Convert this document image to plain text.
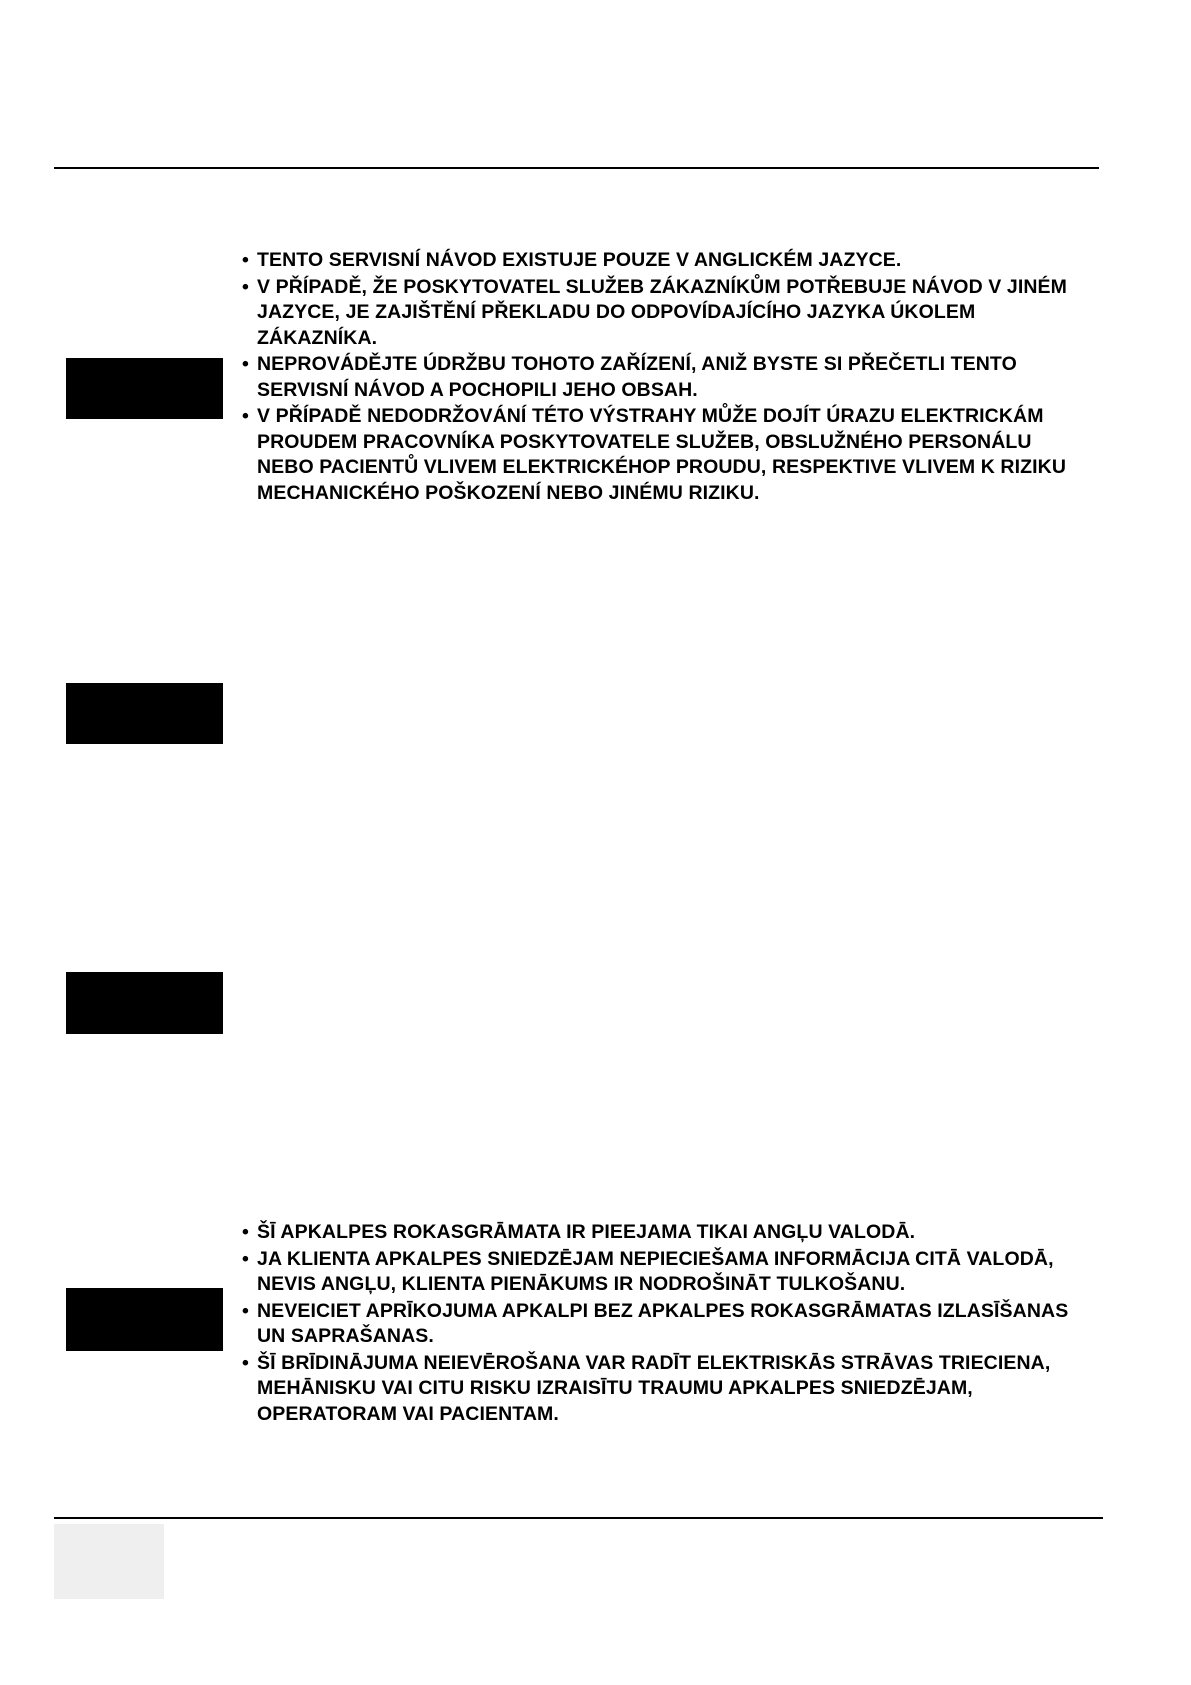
• TENTO SERVISNÍ NÁVOD EXISTUJE POUZE V ANGLICKÉM JAZYCE.
• V PŘÍPADĚ, ŽE POSKYTOVATEL SLUŽEB ZÁKAZNÍKŮM POTŘEBUJE NÁVOD V JINÉM JAZYCE, JE ZAJIŠTĚNÍ PŘEKLADU DO ODPOVÍDAJÍCÍHO JAZYKA ÚKOLEM ZÁKAZNÍKA.
• NEPROVÁDĚJTE ÚDRŽBU TOHOTO ZAŘÍZENÍ, ANIŽ BYSTE SI PŘEČETLI TENTO SERVISNÍ NÁVOD A POCHOPILI JEHO OBSAH.
• V PŘÍPADĚ NEDODRŽOVÁNÍ TÉTO VÝSTRAHY MŮŽE DOJÍT ÚRAZU ELEKTRICKÁM PROUDEM PRACOVNÍKA POSKYTOVATELE SLUŽEB, OBSLUŽNÉHO PERSONÁLU NEBO PACIENTŮ VLIVEM ELEKTRICKÉHOP PROUDU, RESPEKTIVE VLIVEM K RIZIKU MECHANICKÉHO POŠKOZENÍ NEBO JINÉMU RIZIKU.
• ŠĪ APKALPES ROKASGRĀMATA IR PIEEJAMA TIKAI ANGĻU VALODĀ.
• JA KLIENTA APKALPES SNIEDZĒJAM NEPIECIEŠAMA INFORMĀCIJA CITĀ VALODĀ, NEVIS ANGĻU, KLIENTA PIENĀKUMS IR NODROŠINĀT TULKOŠANU.
• NEVEICIET APRĪKOJUMA APKALPI BEZ APKALPES ROKASGRĀMATAS IZLASĪŠANAS UN SAPRAŠANAS.
• ŠĪ BRĪDINĀJUMA NEIEVĒROŠANA VAR RADĪT ELEKTRISKĀS STRĀVAS TRIECIENA, MEHĀNISKU VAI CITU RISKU IZRAISĪTU TRAUMU APKALPES SNIEDZĒJAM, OPERATORAM VAI PACIENTAM.
